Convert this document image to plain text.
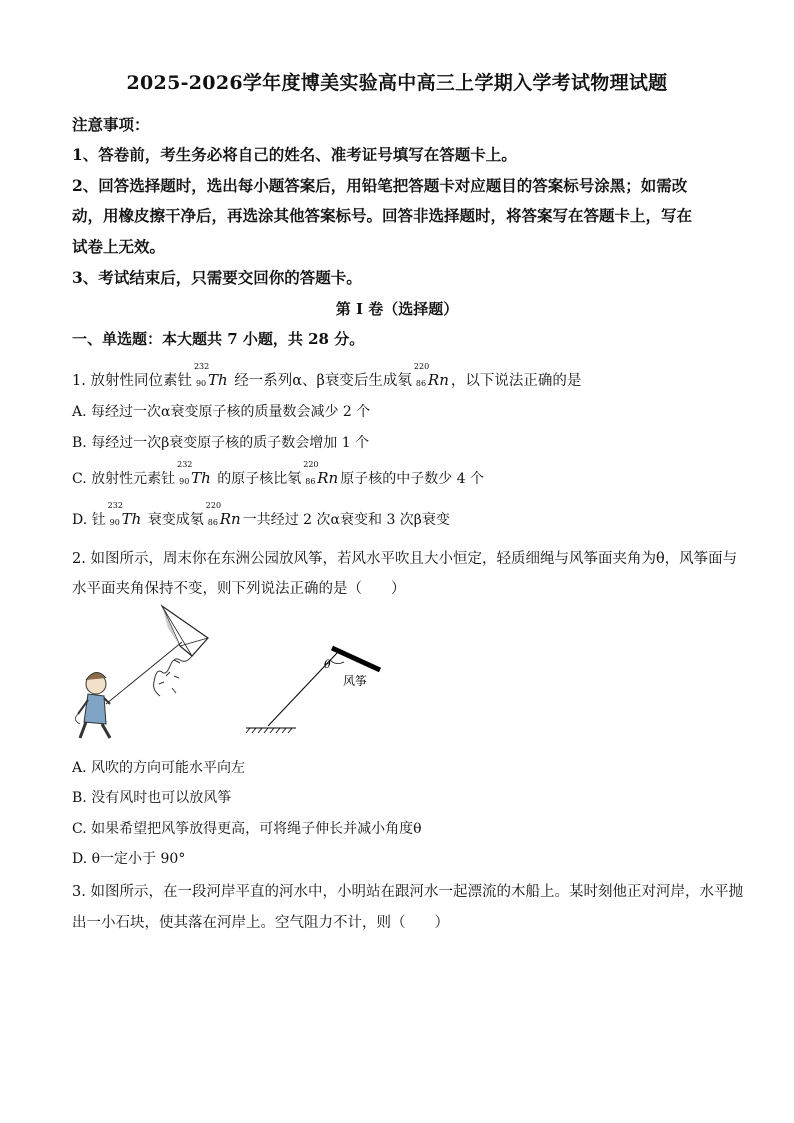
2025-2026学年度博美实验高中高三上学期入学考试物理试题
注意事项：
1、答卷前，考生务必将自己的姓名、准考证号填写在答题卡上。
2、回答选择题时，选出每小题答案后，用铅笔把答题卡对应题目的答案标号涂黑；如需改
动，用橡皮擦干净后，再选涂其他答案标号。回答非选择题时，将答案写在答题卡上，写在
试卷上无效。
3、考试结束后，只需要交回你的答题卡。
第 I 卷（选择题）
一、单选题：本大题共 7 小题，共 28 分。
1. 放射性同位素钍
232
90 Th 经一系列α、β衰变后生成氡
220
86 Rn ，以下说法正确的是
A. 每经过一次α衰变原子核的质量数会减少 2 个
B. 每经过一次β衰变原子核的质子数会增加 1 个
C. 放射性元素钍
232
90 Th 的原子核比氡
220
86 Rn 原子核的中子数少 4 个
D. 钍
232
90 Th 衰变成氡
220
86 Rn 一共经过 2 次α衰变和 3 次β衰变
2. 如图所示，周末你在东洲公园放风筝，若风水平吹且大小恒定，轻质细绳与风筝面夹角为θ，风筝面与
水平面夹角保持不变，则下列说法正确的是（　　）
θ
风筝
A. 风吹的方向可能水平向左
B. 没有风时也可以放风筝
C. 如果希望把风筝放得更高，可将绳子伸长并减小角度θ
D. θ一定小于 90°
3. 如图所示，在一段河岸平直的河水中，小明站在跟河水一起漂流的木船上。某时刻他正对河岸，水平抛
出一小石块，使其落在河岸上。空气阻力不计，则（　　）
